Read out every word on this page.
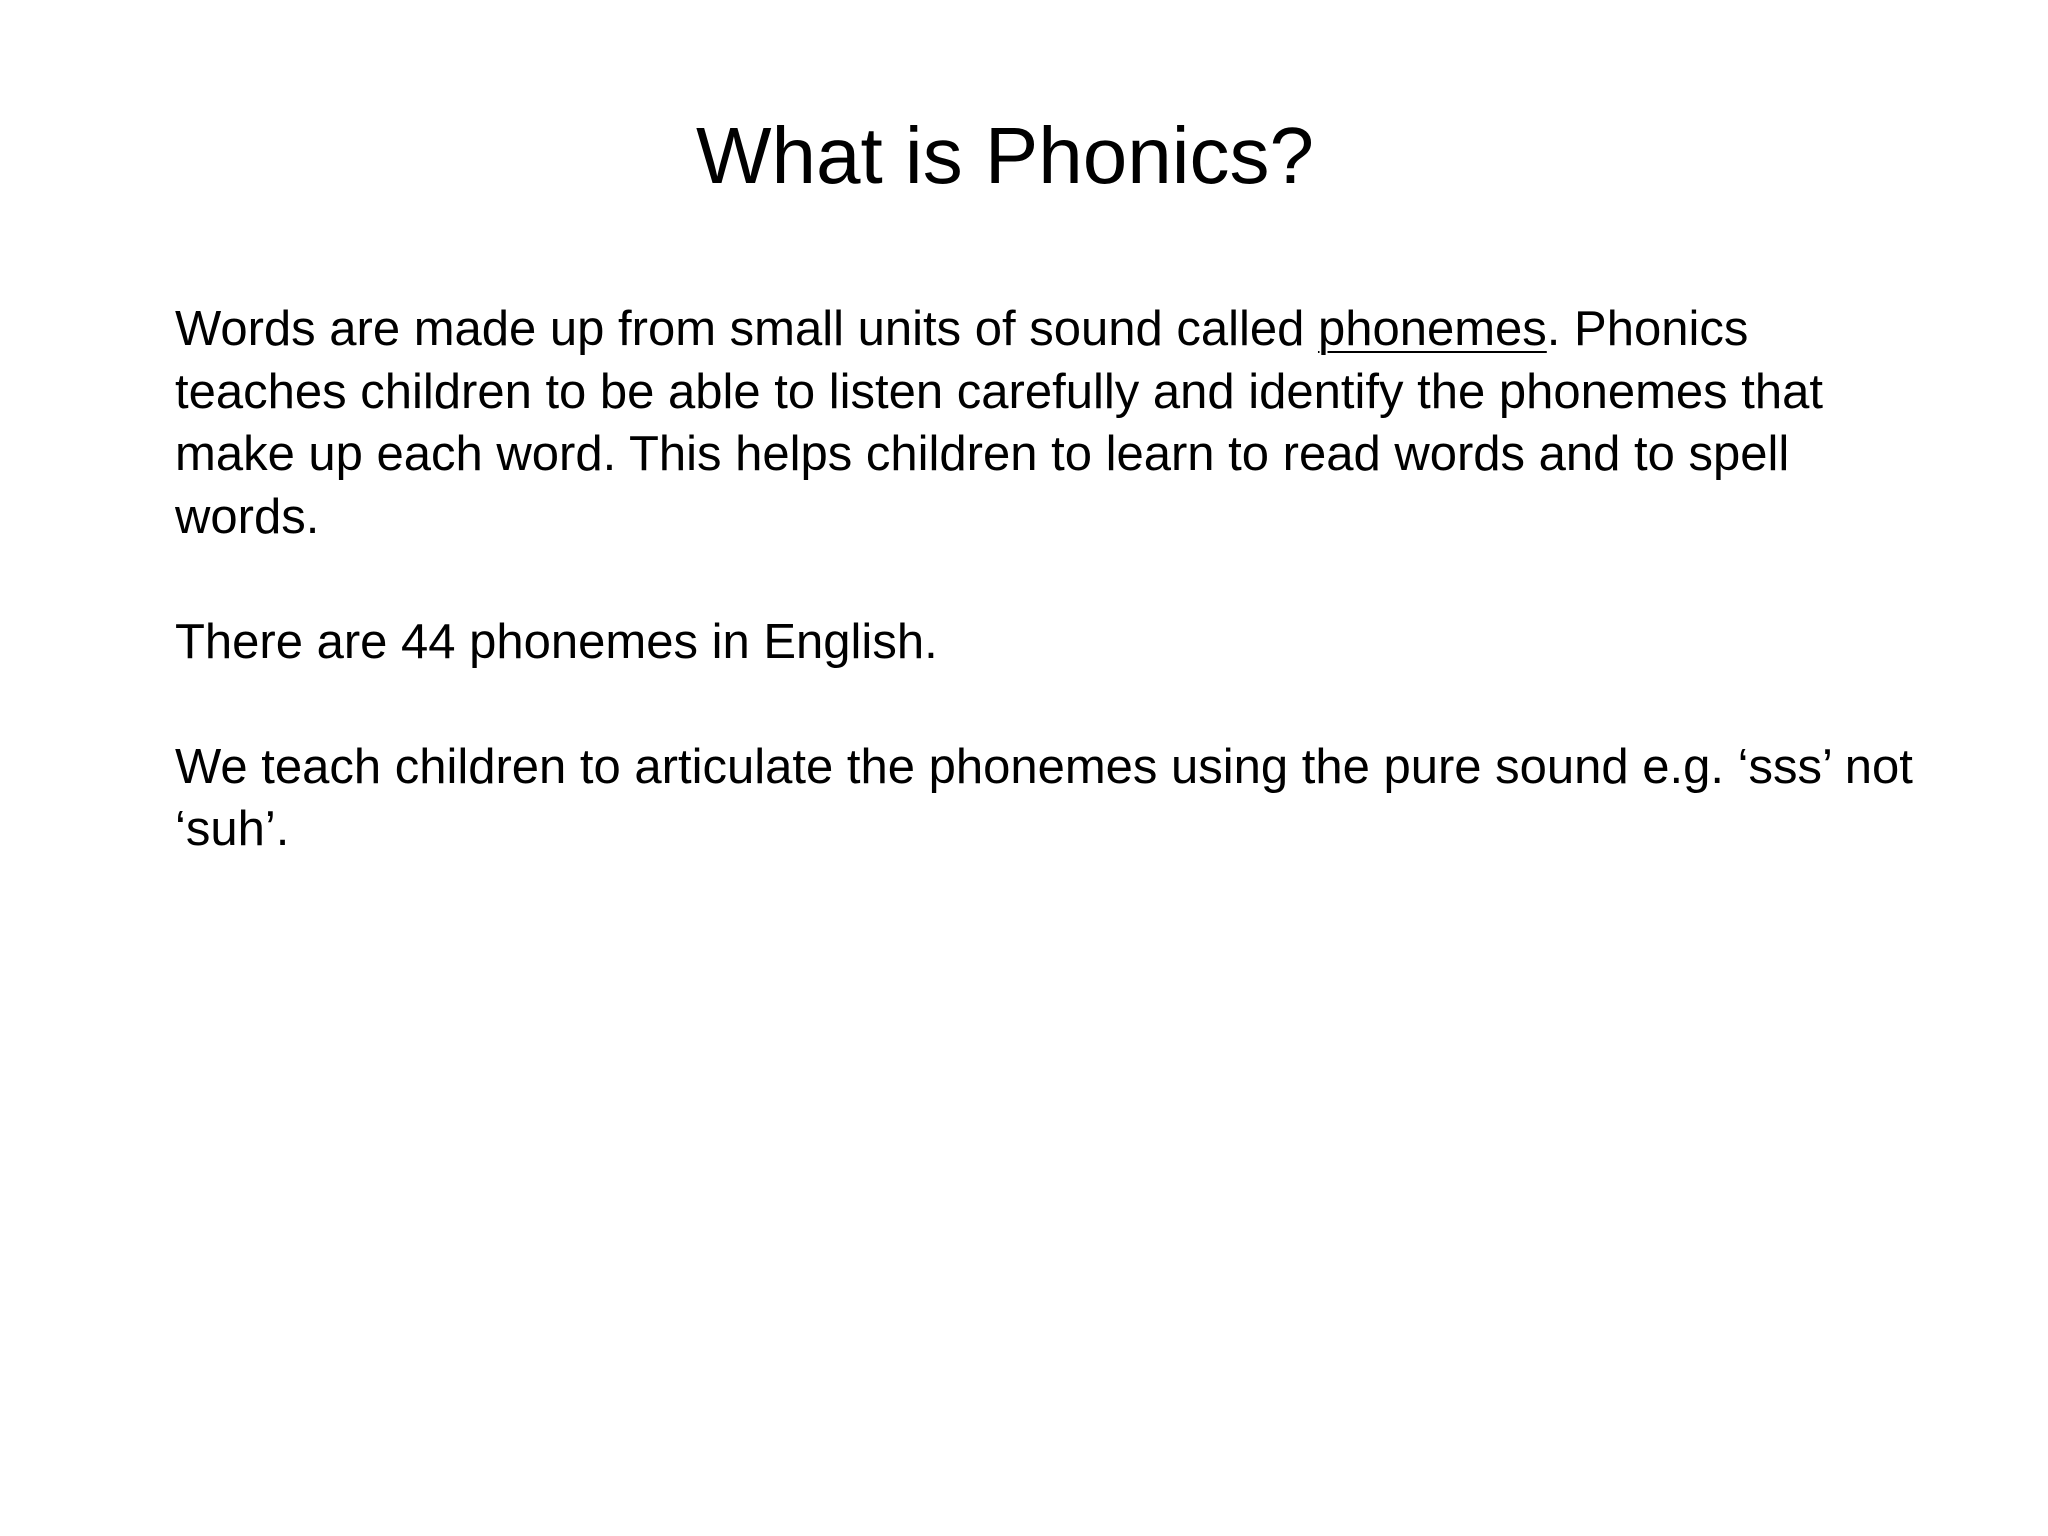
What is Phonics?

Words are made up from small units of sound called phonemes. Phonics teaches children to be able to listen carefully and identify the phonemes that make up each word. This helps children to learn to read words and to spell words.

There are 44 phonemes in English.

We teach children to articulate the phonemes using the pure sound e.g. ‘sss’ not ‘suh’.
